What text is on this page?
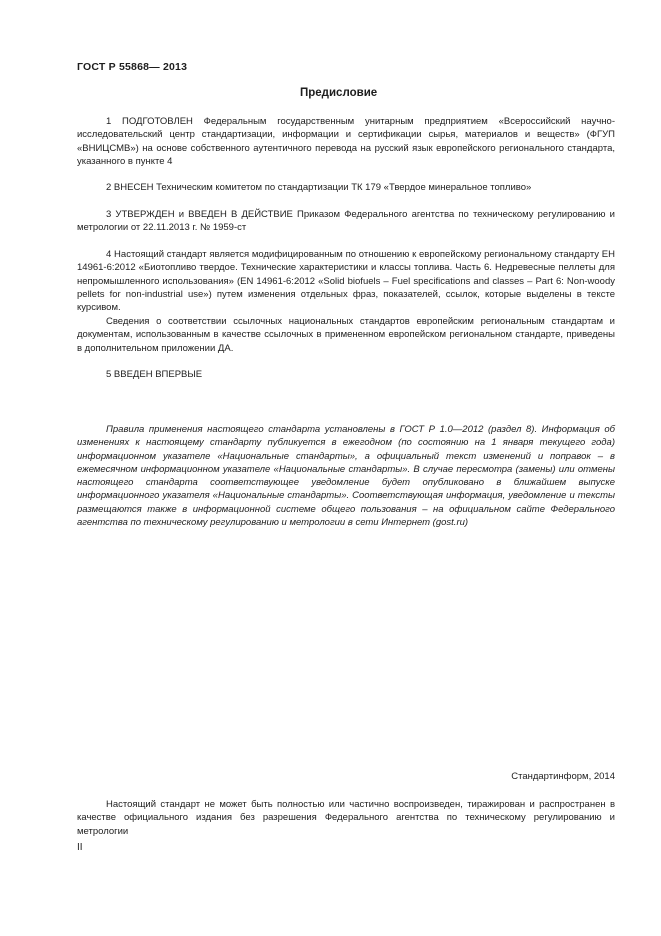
ГОСТ Р 55868— 2013
Предисловие

1 ПОДГОТОВЛЕН Федеральным государственным унитарным предприятием «Всероссийский научно-исследовательский центр стандартизации, информации и сертификации сырья, материалов и веществ» (ФГУП «ВНИЦСМВ») на основе собственного аутентичного перевода на русский язык европейского регионального стандарта, указанного в пункте 4

2 ВНЕСЕН Техническим комитетом по стандартизации ТК 179 «Твердое минеральное топливо»

3 УТВЕРЖДЕН и ВВЕДЕН В ДЕЙСТВИЕ Приказом Федерального агентства по техническому регулированию и метрологии от 22.11.2013 г. № 1959-ст

4 Настоящий стандарт является модифицированным по отношению к европейскому региональному стандарту ЕН 14961-6:2012 «Биотопливо твердое. Технические характеристики и классы топлива. Часть 6. Недревесные пеллеты для непромышленного использования» (EN 14961-6:2012 «Solid biofuels – Fuel specifications and classes – Part 6: Non-woody pellets for non-industrial use») путем изменения отдельных фраз, показателей, ссылок, которые выделены в тексте курсивом.

Сведения о соответствии ссылочных национальных стандартов европейским региональным стандартам и документам, использованным в качестве ссылочных в примененном европейском региональном стандарте, приведены в дополнительном приложении ДА.

5 ВВЕДЕН ВПЕРВЫЕ

Правила применения настоящего стандарта установлены в ГОСТ Р 1.0—2012 (раздел 8). Информация об изменениях к настоящему стандарту публикуется в ежегодном (по состоянию на 1 января текущего года) информационном указателе «Национальные стандарты», а официальный текст изменений и поправок – в ежемесячном информационном указателе «Национальные стандарты». В случае пересмотра (замены) или отмены настоящего стандарта соответствующее уведомление будет опубликовано в ближайшем выпуске информационного указателя «Национальные стандарты». Соответствующая информация, уведомление и тексты размещаются также в информационной системе общего пользования – на официальном сайте Федерального агентства по техническому регулированию и метрологии в сети Интернет (gost.ru)

Стандартинформ, 2014

Настоящий стандарт не может быть полностью или частично воспроизведен, тиражирован и распространен в качестве официального издания без разрешения Федерального агентства по техническому регулированию и метрологии

II
